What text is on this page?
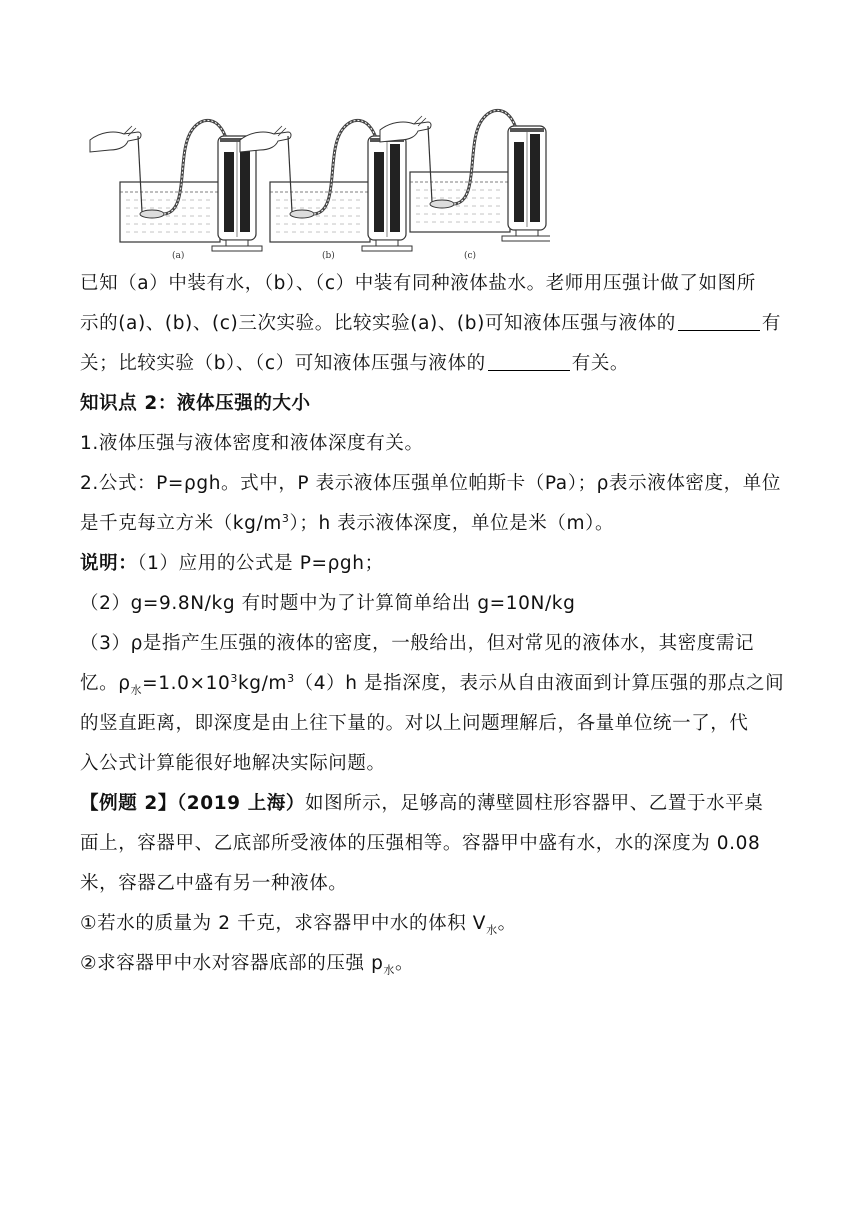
(a)	(b)	(c)
已知（a）中装有水，（b）、（c）中装有同种液体盐水。老师用压强计做了如图所
示的(a)、(b)、(c)三次实验。比较实验(a)、(b)可知液体压强与液体的	有
关；比较实验（b）、（c）可知液体压强与液体的	有关。
知识点 2：液体压强的大小
1.液体压强与液体密度和液体深度有关。
2.公式：P=ρgh。式中，P 表示液体压强单位帕斯卡（Pa）；ρ表示液体密度，单位
是千克每立方米$(kg/m^3)$；h 表示液体深度，单位是米（m）。
说明：（1）应用的公式是 P=ρgh；
（2）g=9.8N/kg 有时题中为了计算简单给出 g=10N/kg
（3）ρ是指产生压强的液体的密度，一般给出，但对常见的液体水，其密度需记
忆。$\rho_水=1.0\times 10^3kg/m^3(4)h$ 是指深度，表示从自由液面到计算压强的那点之间
的竖直距离，即深度是由上往下量的。对以上问题理解后，各量单位统一了，代
入公式计算能很好地解决实际问题。
【例题 2】（2019 上海）如图所示，足够高的薄壁圆柱形容器甲、乙置于水平桌
面上，容器甲、乙底部所受液体的压强相等。容器甲中盛有水，水的深度为 0.08
米，容器乙中盛有另一种液体。
①若水的质量为 2 千克，求容器甲中水的体积 $V_水$。
②求容器甲中水对容器底部的压强 $p_水$。
